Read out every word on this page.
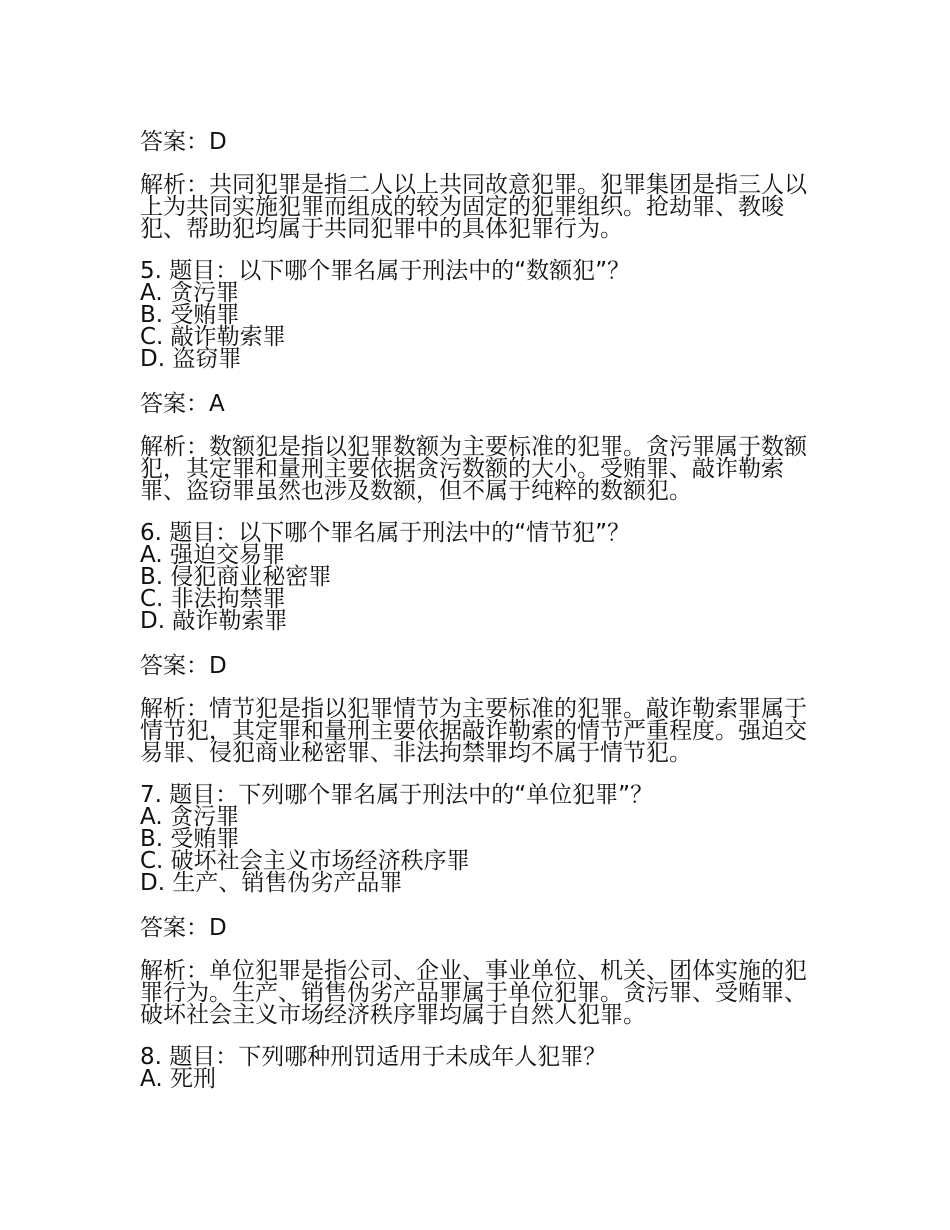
答案：D
解析：共同犯罪是指二人以上共同故意犯罪。犯罪集团是指三人以上为共同实施犯罪而组成的较为固定的犯罪组织。抢劫罪、教唆犯、帮助犯均属于共同犯罪中的具体犯罪行为。
5. 题目：以下哪个罪名属于刑法中的“数额犯”？
A. 贪污罪
B. 受贿罪
C. 敲诈勒索罪
D. 盗窃罪
答案：A
解析：数额犯是指以犯罪数额为主要标准的犯罪。贪污罪属于数额犯，其定罪和量刑主要依据贪污数额的大小。受贿罪、敲诈勒索罪、盗窃罪虽然也涉及数额，但不属于纯粹的数额犯。
6. 题目：以下哪个罪名属于刑法中的“情节犯”？
A. 强迫交易罪
B. 侵犯商业秘密罪
C. 非法拘禁罪
D. 敲诈勒索罪
答案：D
解析：情节犯是指以犯罪情节为主要标准的犯罪。敲诈勒索罪属于情节犯，其定罪和量刑主要依据敲诈勒索的情节严重程度。强迫交易罪、侵犯商业秘密罪、非法拘禁罪均不属于情节犯。
7. 题目：下列哪个罪名属于刑法中的“单位犯罪”？
A. 贪污罪
B. 受贿罪
C. 破坏社会主义市场经济秩序罪
D. 生产、销售伪劣产品罪
答案：D
解析：单位犯罪是指公司、企业、事业单位、机关、团体实施的犯罪行为。生产、销售伪劣产品罪属于单位犯罪。贪污罪、受贿罪、破坏社会主义市场经济秩序罪均属于自然人犯罪。
8. 题目：下列哪种刑罚适用于未成年人犯罪？
A. 死刑
